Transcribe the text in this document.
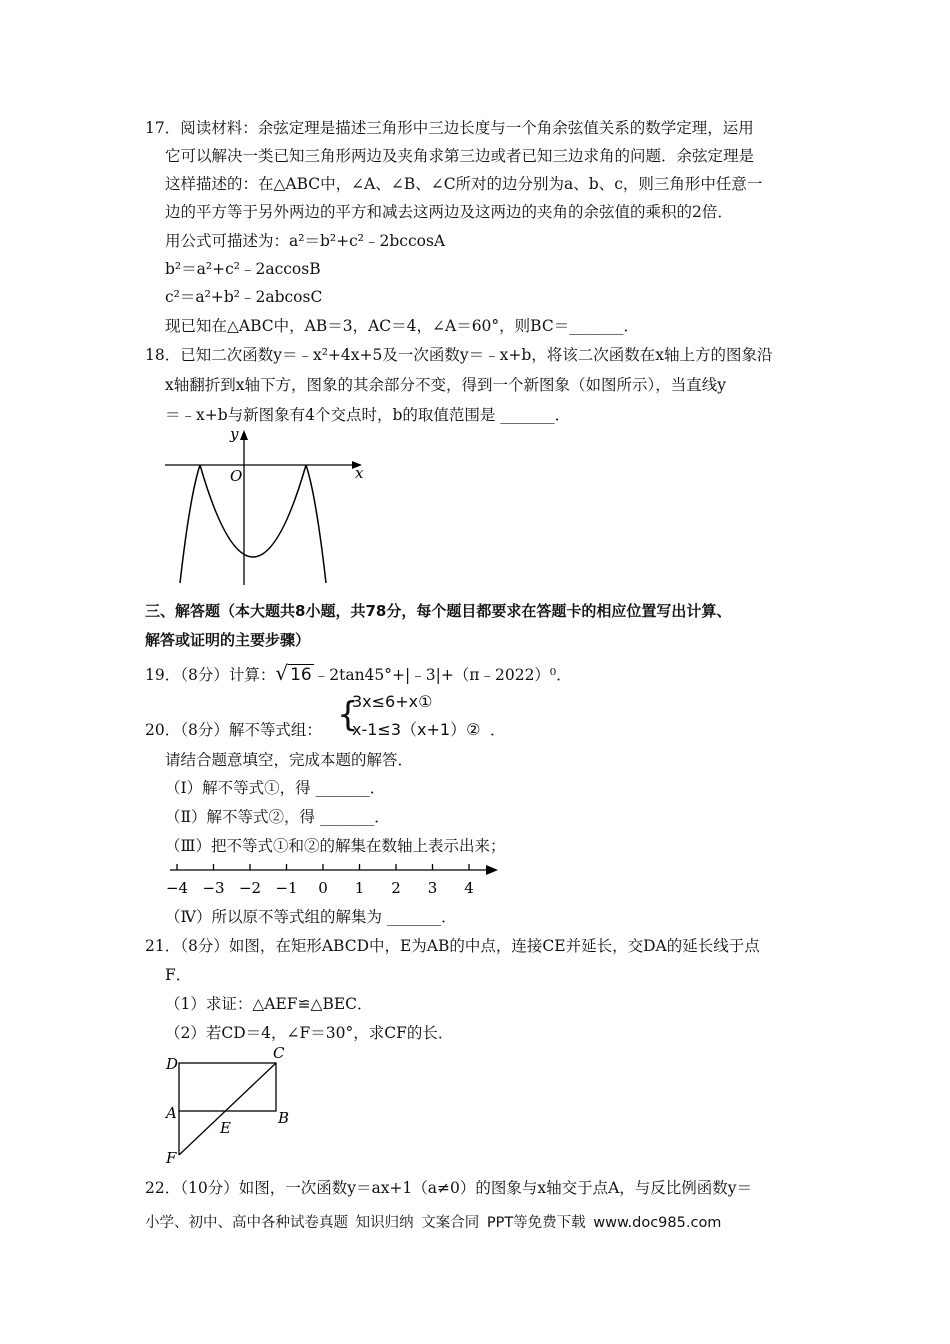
17．阅读材料：余弦定理是描述三角形中三边长度与一个角余弦值关系的数学定理，运用
它可以解决一类已知三角形两边及夹角求第三边或者已知三边求角的问题．余弦定理是
这样描述的：在△ABC中，∠A、∠B、∠C所对的边分别为a、b、c，则三角形中任意一
边的平方等于另外两边的平方和减去这两边及这两边的夹角的余弦值的乘积的2倍．
用公式可描述为：a²＝b²+c²﹣2bccosA
b²＝a²+c²﹣2accosB
c²＝a²+b²﹣2abcosC
现已知在△ABC中，AB＝3，AC＝4，∠A＝60°，则BC＝_______．
18．已知二次函数y＝﹣x²+4x+5及一次函数y＝﹣x+b，将该二次函数在x轴上方的图象沿
x轴翻折到x轴下方，图象的其余部分不变，得到一个新图象（如图所示），当直线y
＝﹣x+b与新图象有4个交点时，b的取值范围是 _______．
y
x
O
三、解答题（本大题共8小题，共78分，每个题目都要求在答题卡的相应位置写出计算、
解答或证明的主要步骤）
19．（8分）计算：√ 16 ﹣2tan45°+|﹣3|+（π﹣2022）⁰．
20．（8分）解不等式组： {
3x≤6+x①
x-1≤3（x+1）② ．
请结合题意填空，完成本题的解答．
（Ⅰ）解不等式①，得 _______．
（Ⅱ）解不等式②，得 _______．
（Ⅲ）把不等式①和②的解集在数轴上表示出来；
−4 −3 −2 −1 0 1 2 3 4
（Ⅳ）所以原不等式组的解集为 _______．
21．（8分）如图，在矩形ABCD中，E为AB的中点，连接CE并延长，交DA的延长线于点
F．
（1）求证：△AEF≌△BEC．
（2）若CD＝4，∠F＝30°，求CF的长．
D
C
A	B
E
F
22．（10分）如图，一次函数y＝ax+1（a≠0）的图象与x轴交于点A，与反比例函数y＝
小学、初中、高中各种试卷真题 知识归纳 文案合同 PPT等免费下载 www.doc985.com
